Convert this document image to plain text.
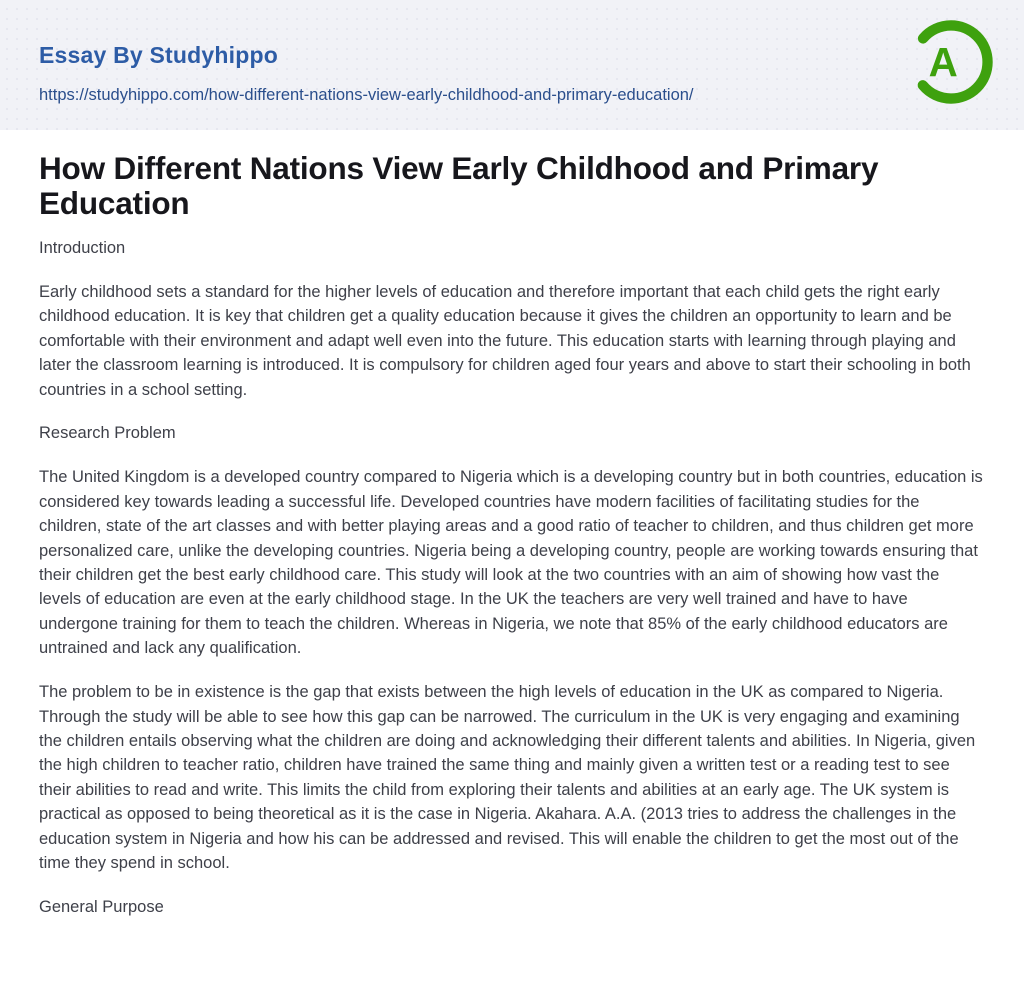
Essay By Studyhippo
https://studyhippo.com/how-different-nations-view-early-childhood-and-primary-education/
A
How Different Nations View Early Childhood and Primary Education

Introduction

Early childhood sets a standard for the higher levels of education and therefore important that each child gets the right early childhood education. It is key that children get a quality education because it gives the children an opportunity to learn and be comfortable with their environment and adapt well even into the future. This education starts with learning through playing and later the classroom learning is introduced. It is compulsory for children aged four years and above to start their schooling in both countries in a school setting.

Research Problem

The United Kingdom is a developed country compared to Nigeria which is a developing country but in both countries, education is considered key towards leading a successful life. Developed countries have modern facilities of facilitating studies for the children, state of the art classes and with better playing areas and a good ratio of teacher to children, and thus children get more personalized care, unlike the developing countries. Nigeria being a developing country, people are working towards ensuring that their children get the best early childhood care. This study will look at the two countries with an aim of showing how vast the levels of education are even at the early childhood stage. In the UK the teachers are very well trained and have to have undergone training for them to teach the children. Whereas in Nigeria, we note that 85% of the early childhood educators are untrained and lack any qualification.

The problem to be in existence is the gap that exists between the high levels of education in the UK as compared to Nigeria. Through the study will be able to see how this gap can be narrowed. The curriculum in the UK is very engaging and examining the children entails observing what the children are doing and acknowledging their different talents and abilities. In Nigeria, given the high children to teacher ratio, children have trained the same thing and mainly given a written test or a reading test to see their abilities to read and write. This limits the child from exploring their talents and abilities at an early age. The UK system is practical as opposed to being theoretical as it is the case in Nigeria. Akahara. A.A. (2013 tries to address the challenges in the education system in Nigeria and how his can be addressed and revised. This will enable the children to get the most out of the time they spend in school.

General Purpose
